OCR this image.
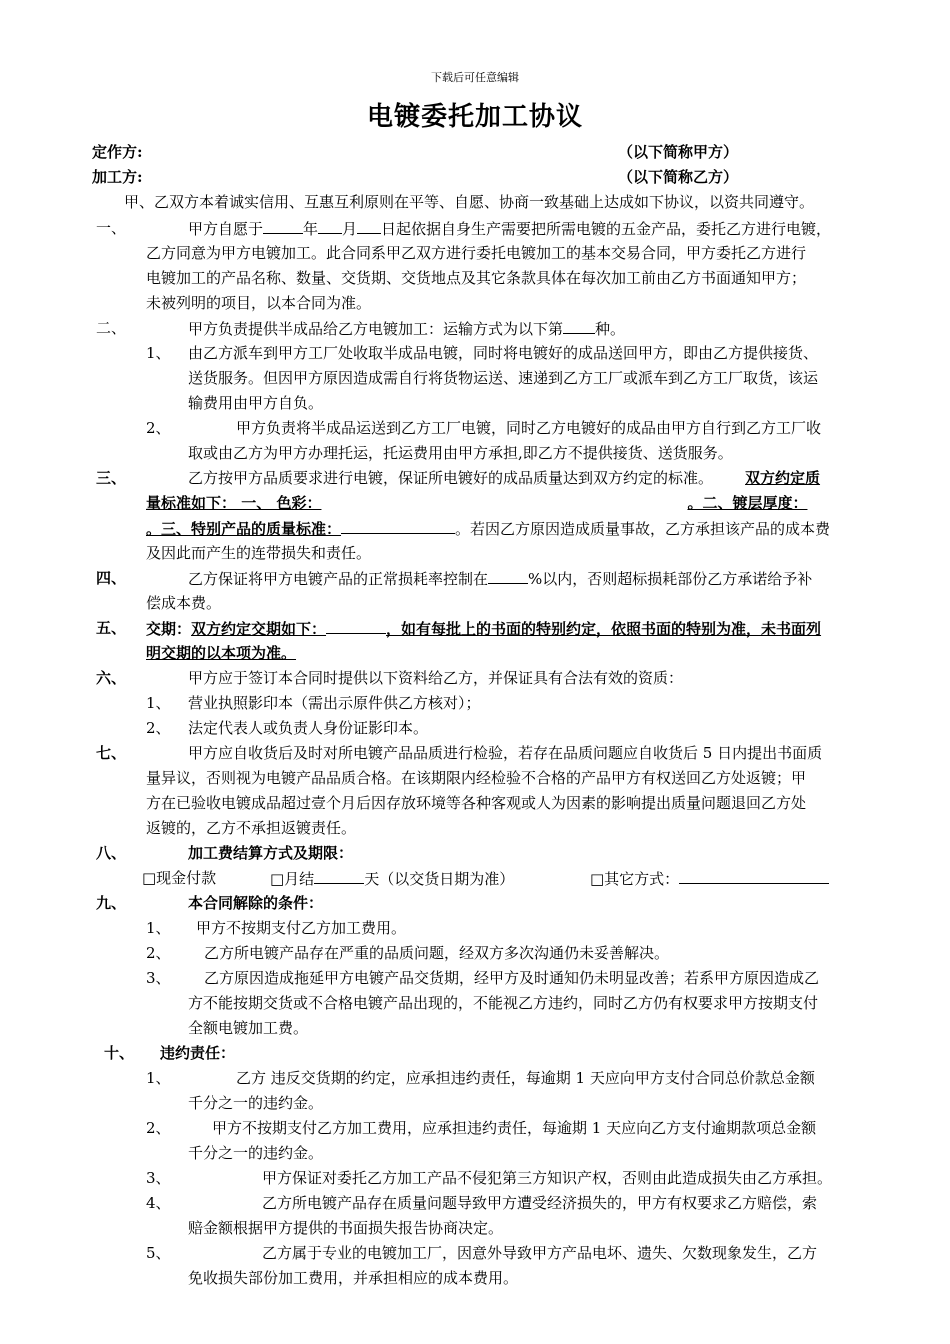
下载后可任意编辑
电镀委托加工协议
定作方:	（以下简称甲方）
加工方:	（以下简称乙方）
甲、乙双方本着诚实信用、互惠互利原则在平等、自愿、协商一致基础上达成如下协议，以资共同遵守。
一、	甲方自愿于	年 月 日起依据自身生产需要把所需电镀的五金产品，委托乙方进行电镀，
乙方同意为甲方电镀加工。此合同系甲乙双方进行委托电镀加工的基本交易合同，甲方委托乙方进行
电镀加工的产品名称、数量、交货期、交货地点及其它条款具体在每次加工前由乙方书面通知甲方；
未被列明的项目，以本合同为准。
二、	甲方负责提供半成品给乙方电镀加工：运输方式为以下第 种。
1、 由乙方派车到甲方工厂处收取半成品电镀，同时将电镀好的成品送回甲方，即由乙方提供接货、
送货服务。但因甲方原因造成需自行将货物运送、速递到乙方工厂或派车到乙方工厂取货，该运
输费用由甲方自负。
2、	甲方负责将半成品运送到乙方工厂电镀，同时乙方电镀好的成品由甲方自行到乙方工厂收
取或由乙方为甲方办理托运，托运费用由甲方承担,即乙方不提供接货、送货服务。
三、	乙方按甲方品质要求进行电镀，保证所电镀好的成品质量达到双方约定的标准。 双方约定质
量标准如下： 一、 色彩：	。二、镀层厚度：
。三、特别产品的质量标准：	。若因乙方原因造成质量事故，乙方承担该产品的成本费
及因此而产生的连带损失和责任。
四、	乙方保证将甲方电镀产品的正常损耗率控制在	%以内，否则超标损耗部份乙方承诺给予补
偿成本费。
五、 交期：双方约定交期如下：	，如有每批上的书面的特别约定，依照书面的特别为准，未书面列
明交期的以本项为准。
六、	甲方应于签订本合同时提供以下资料给乙方，并保证具有合法有效的资质：
1、 营业执照影印本（需出示原件供乙方核对）；
2、 法定代表人或负责人身份证影印本。
七、	甲方应自收货后及时对所电镀产品品质进行检验，若存在品质问题应自收货后 5 日内提出书面质
量异议，否则视为电镀产品品质合格。在该期限内经检验不合格的产品甲方有权送回乙方处返镀；甲
方在已验收电镀成品超过壹个月后因存放环境等各种客观或人为因素的影响提出质量问题退回乙方处
返镀的，乙方不承担返镀责任。
八、	加工费结算方式及期限：
□现金付款	□月结	天（以交货日期为准）	□其它方式：
九、	本合同解除的条件：
1、 甲方不按期支付乙方加工费用。
2、 乙方所电镀产品存在严重的品质问题，经双方多次沟通仍未妥善解决。
3、 乙方原因造成拖延甲方电镀产品交货期，经甲方及时通知仍未明显改善；若系甲方原因造成乙
方不能按期交货或不合格电镀产品出现的，不能视乙方违约，同时乙方仍有权要求甲方按期支付
全额电镀加工费。
十、 违约责任：
1、	乙方 违反交货期的约定，应承担违约责任，每逾期 1 天应向甲方支付合同总价款总金额
千分之一的违约金。
2、	甲方不按期支付乙方加工费用，应承担违约责任，每逾期 1 天应向乙方支付逾期款项总金额
千分之一的违约金。
3、	甲方保证对委托乙方加工产品不侵犯第三方知识产权，否则由此造成损失由乙方承担。
4、	乙方所电镀产品存在质量问题导致甲方遭受经济损失的，甲方有权要求乙方赔偿，索
赔金额根据甲方提供的书面损失报告协商决定。
5、	乙方属于专业的电镀加工厂，因意外导致甲方产品电坏、遗失、欠数现象发生，乙方
免收损失部份加工费用，并承担相应的成本费用。
